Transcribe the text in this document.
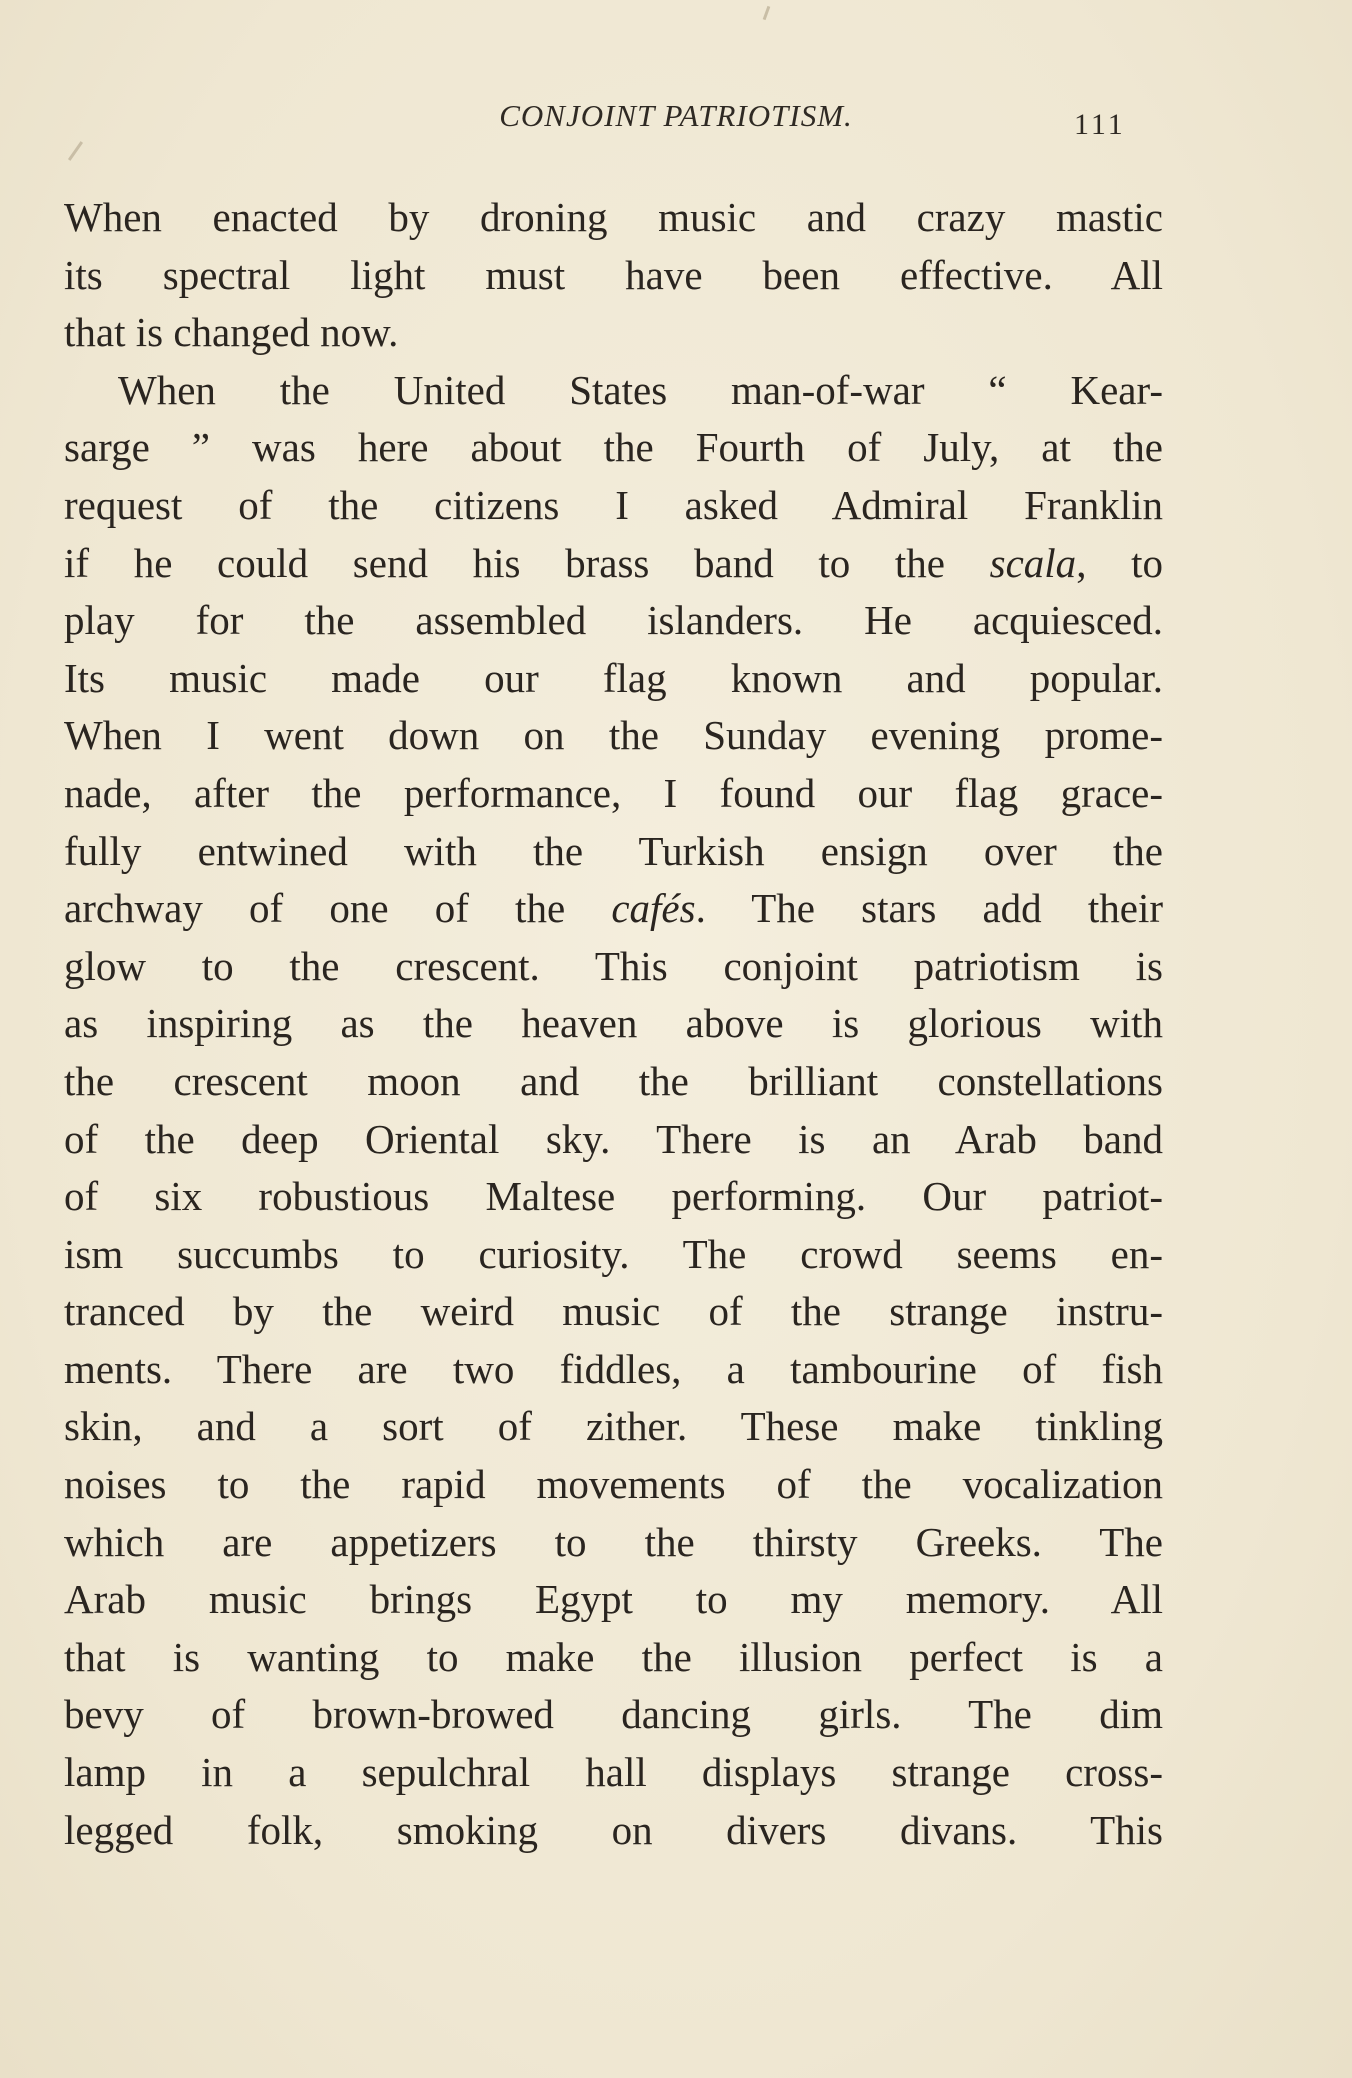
CONJOINT PATRIOTISM.	111
When enacted by droning music and crazy mastic
its spectral light must have been effective. All
that is changed now.
When the United States man-of-war “ Kear-
sarge ” was here about the Fourth of July, at the
request of the citizens I asked Admiral Franklin
if he could send his brass band to the scala, to
play for the assembled islanders. He acquiesced.
Its music made our flag known and popular.
When I went down on the Sunday evening prome-
nade, after the performance, I found our flag grace-
fully entwined with the Turkish ensign over the
archway of one of the cafés. The stars add their
glow to the crescent. This conjoint patriotism is
as inspiring as the heaven above is glorious with
the crescent moon and the brilliant constellations
of the deep Oriental sky. There is an Arab band
of six robustious Maltese performing. Our patriot-
ism succumbs to curiosity. The crowd seems en-
tranced by the weird music of the strange instru-
ments. There are two fiddles, a tambourine of fish
skin, and a sort of zither. These make tinkling
noises to the rapid movements of the vocalization
which are appetizers to the thirsty Greeks. The
Arab music brings Egypt to my memory. All
that is wanting to make the illusion perfect is a
bevy of brown-browed dancing girls. The dim
lamp in a sepulchral hall displays strange cross-
legged folk, smoking on divers divans. This
